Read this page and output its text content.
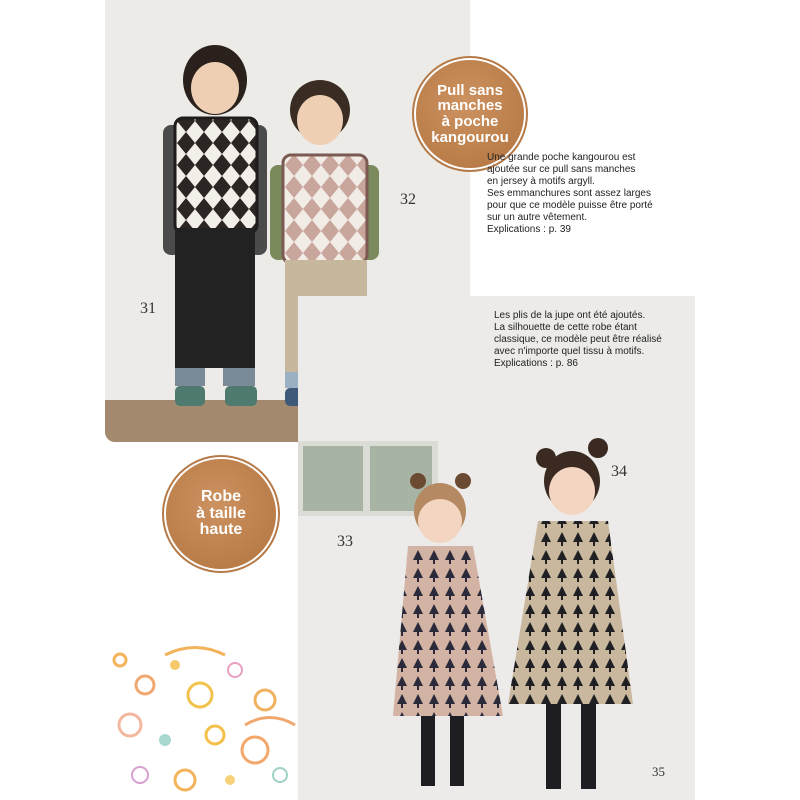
Pull sans
manches
à poche
kangourou
Robe
à taille
haute
31
32
33
34
Une grande poche kangourou est
ajoutée sur ce pull sans manches
en jersey à motifs argyll.
Ses emmanchures sont assez larges
pour que ce modèle puisse être porté
sur un autre vêtement.
Explications : p. 39
Les plis de la jupe ont été ajoutés.
La silhouette de cette robe étant
classique, ce modèle peut être réalisé
avec n'importe quel tissu à motifs.
Explications : p. 86
35
